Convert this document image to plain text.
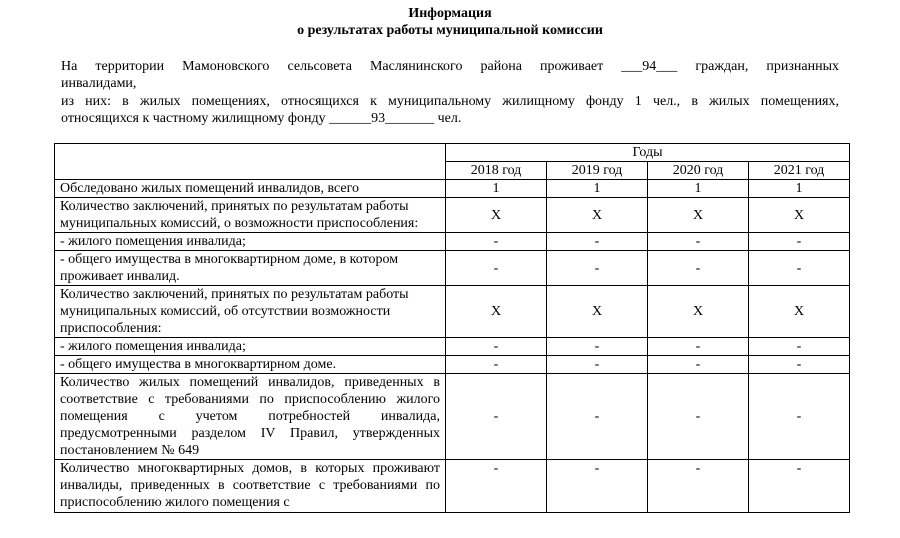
Информация
о результатах работы муниципальной комиссии
На территории Мамоновского сельсовета Маслянинского района проживает ___94___ граждан, признанных
инвалидами,
из них: в жилых помещениях, относящихся к муниципальному жилищному фонду 1 чел., в жилых помещениях,
относящихся к частному жилищному фонду ______93_______ чел.
	Годы			
	2018 год	2019 год	2020 год	2021 год
Обследовано жилых помещений инвалидов, всего	1	1	1	1
Количество заключений, принятых по результатам работы муниципальных комиссий, о возможности приспособления:	X	X	X	X
- жилого помещения инвалида;	-	-	-	-
- общего имущества в многоквартирном доме, в котором проживает инвалид.	-	-	-	-
Количество заключений, принятых по результатам работы муниципальных комиссий, об отсутствии возможности приспособления:	X	X	X	X
- жилого помещения инвалида;	-	-	-	-
- общего имущества в многоквартирном доме.	-	-	-	-
Количество жилых помещений инвалидов, приведенных в соответствие с требованиями по приспособлению жилого помещения с учетом потребностей инвалида, предусмотренными разделом IV Правил, утвержденных постановлением № 649	-	-	-	-

Количество многоквартирных домов, в которых проживают инвалиды, приведенных в соответствие с требованиями по приспособлению жилого помещения с	-	-	-	-
